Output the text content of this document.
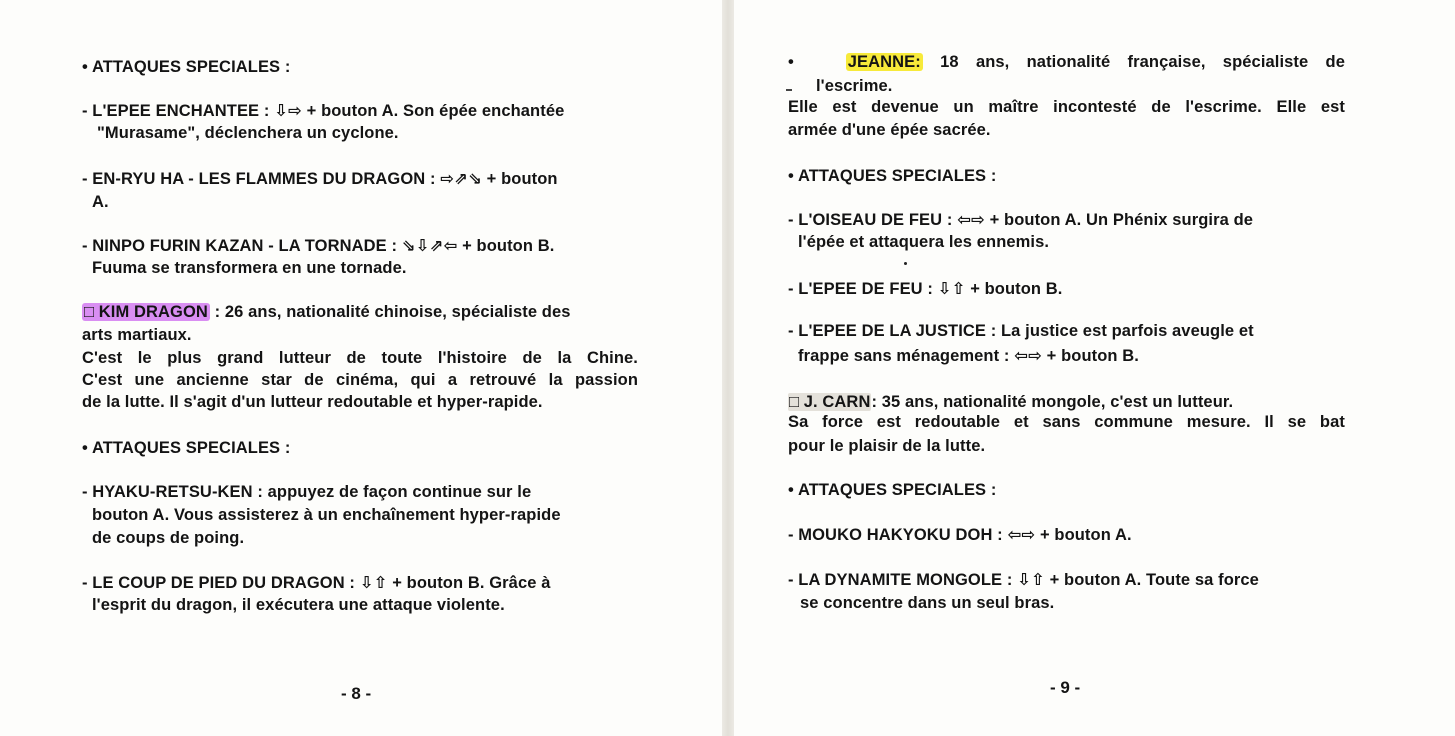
• ATTAQUES SPECIALES :
- L'EPEE ENCHANTEE : ⇩⇨ + bouton A. Son épée enchantée
"Murasame", déclenchera un cyclone.
- EN-RYU HA - LES FLAMMES DU DRAGON : ⇨⇗⇘ + bouton
A.
- NINPO FURIN KAZAN - LA TORNADE : ⇘⇩⇗⇦ + bouton B.
Fuuma se transformera en une tornade.
□ KIM DRAGON : 26 ans, nationalité chinoise, spécialiste des
arts martiaux.
C'est le plus grand lutteur de toute l'histoire de la Chine.
C'est une ancienne star de cinéma, qui a retrouvé la passion
de la lutte. Il s'agit d'un lutteur redoutable et hyper-rapide.
• ATTAQUES SPECIALES :
- HYAKU-RETSU-KEN : appuyez de façon continue sur le
bouton A. Vous assisterez à un enchaînement hyper-rapide
de coups de poing.
- LE COUP DE PIED DU DRAGON : ⇩⇧ + bouton B. Grâce à
l'esprit du dragon, il exécutera une attaque violente.
- 8 -
•	JEANNE: 18 ans, nationalité française, spécialiste de
l'escrime.
Elle est devenue un maître incontesté de l'escrime. Elle est
armée d'une épée sacrée.
• ATTAQUES SPECIALES :
- L'OISEAU DE FEU : ⇦⇨ + bouton A. Un Phénix surgira de
l'épée et attaquera les ennemis.
- L'EPEE DE FEU : ⇩⇧ + bouton B.
- L'EPEE DE LA JUSTICE : La justice est parfois aveugle et
frappe sans ménagement : ⇦⇨ + bouton B.
□ J. CARN: 35 ans, nationalité mongole, c'est un lutteur.
Sa force est redoutable et sans commune mesure. Il se bat
pour le plaisir de la lutte.
• ATTAQUES SPECIALES :
- MOUKO HAKYOKU DOH : ⇦⇨ + bouton A.
- LA DYNAMITE MONGOLE : ⇩⇧ + bouton A. Toute sa force
se concentre dans un seul bras.
- 9 -
